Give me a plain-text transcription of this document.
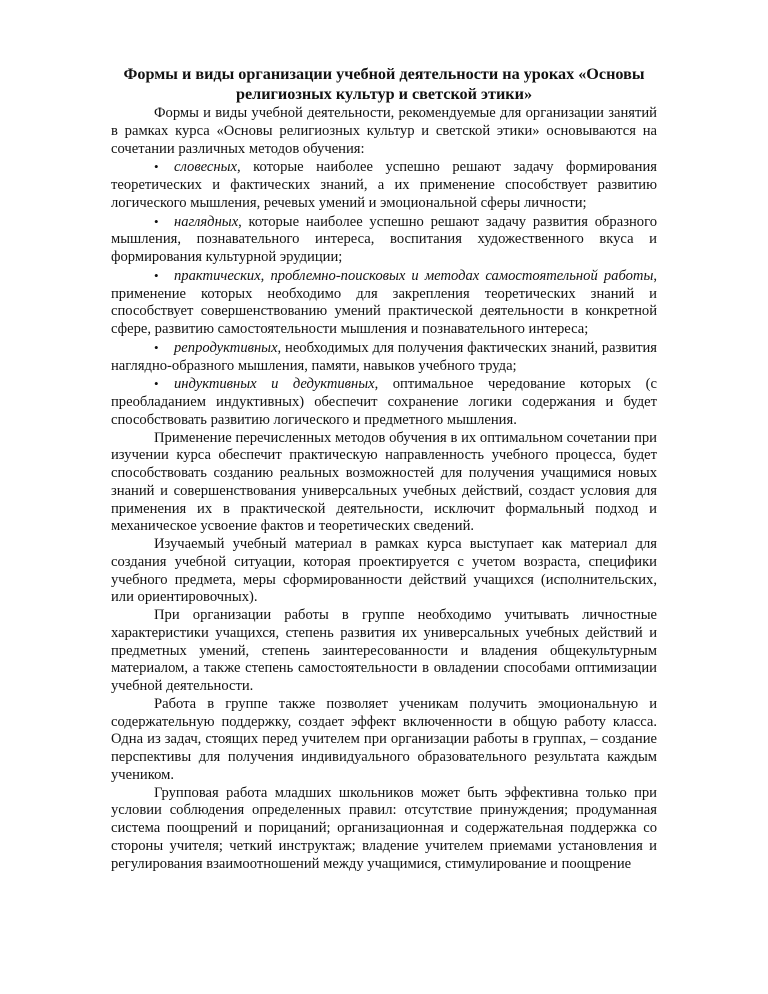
Формы и виды организации учебной деятельности на уроках «Основы религиозных культур и светской этики»

Формы и виды учебной деятельности, рекомендуемые для организации занятий в рамках курса «Основы религиозных культур и светской этики» основываются на сочетании различных методов обучения:

•словесных, которые наиболее успешно решают задачу формирования теоретических и фактических знаний, а их применение способствует развитию логического мышления, речевых умений и эмоциональной сферы личности;

•наглядных, которые наиболее успешно решают задачу развития образного мышления, познавательного интереса, воспитания художественного вкуса и формирования культурной эрудиции;

•практических, проблемно-поисковых и методах самостоятельной работы, применение которых необходимо для закрепления теоретических знаний и способствует совершенствованию умений практической деятельности в конкретной сфере, развитию самостоятельности мышления и познавательного интереса;

•репродуктивных, необходимых для получения фактических знаний, развития наглядно-образного мышления, памяти, навыков учебного труда;

•индуктивных и дедуктивных, оптимальное чередование которых (с преобладанием индуктивных) обеспечит сохранение логики содержания и будет способствовать развитию логического и предметного мышления.

Применение перечисленных методов обучения в их оптимальном сочетании при изучении курса обеспечит практическую направленность учебного процесса, будет способствовать созданию реальных возможностей для получения учащимися новых знаний и совершенствования универсальных учебных действий, создаст условия для применения их в практической деятельности, исключит формальный подход и механическое усвоение фактов и теоретических сведений.

Изучаемый учебный материал в рамках курса выступает как материал для создания учебной ситуации, которая проектируется с учетом возраста, специфики учебного предмета, меры сформированности действий учащихся (исполнительских, или ориентировочных).

При организации работы в группе необходимо учитывать личностные характеристики учащихся, степень развития их универсальных учебных действий и предметных умений, степень заинтересованности и владения общекультурным материалом, а также степень самостоятельности в овладении способами оптимизации учебной деятельности.

Работа в группе также позволяет ученикам получить эмоциональную и содержательную поддержку, создает эффект включенности в общую работу класса. Одна из задач, стоящих перед учителем при организации работы в группах, – создание перспективы для получения индивидуального образовательного результата каждым учеником.

Групповая работа младших школьников может быть эффективна только при условии соблюдения определенных правил: отсутствие принуждения; продуманная система поощрений и порицаний; организационная и содержательная поддержка со стороны учителя; четкий инструктаж; владение учителем приемами установления и регулирования взаимоотношений между учащимися, стимулирование и поощрение
